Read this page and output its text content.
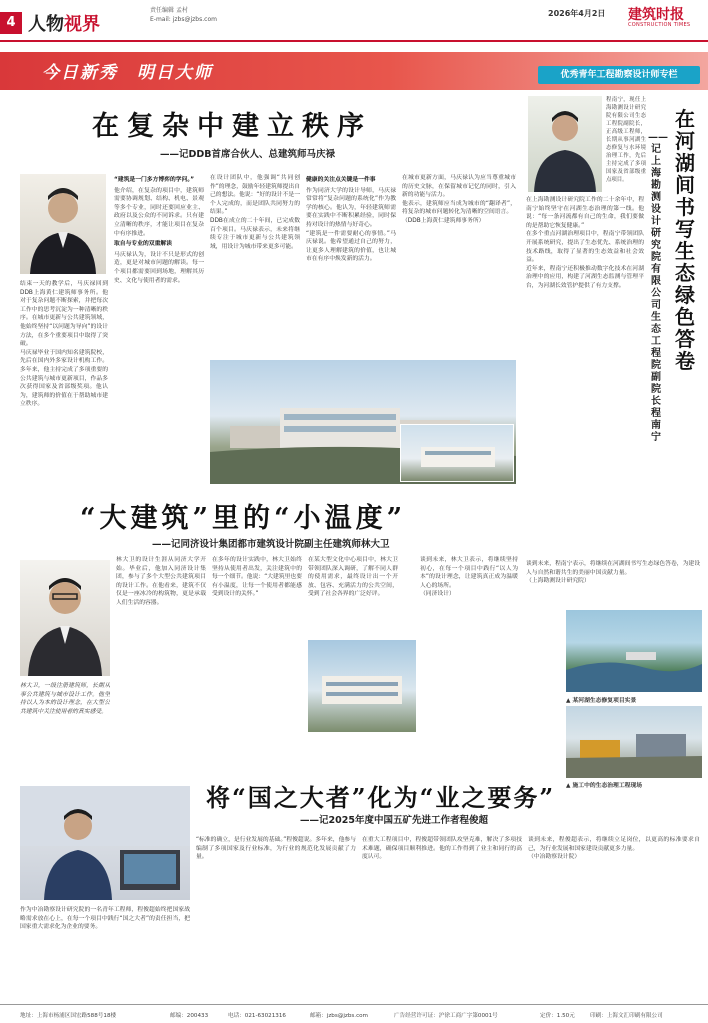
4 人物视界
责任编辑 孟村
E-mail: jzbs@jzbs.com
2026年4月2日 建筑时报
CONSTRUCTION TIMES
今日新秀　明日大师	优秀青年工程勘察设计师专栏
在复杂中建立秩序
——记DDB首席合伙人、总建筑师马庆禄
结束一天的教学后，马庆禄回到DDB上海黄仁建筑师事务所。他对于复杂问题不断探索，并把每次工作中的思考沉淀为一种清晰的秩序。在城市更新与公共建筑领域，他始终坚持“以问题为导向”的设计方法，在多个重要项目中取得了突破。
马庆禄毕业于国内知名建筑院校，先后在国内外多家设计机构工作。多年来，他主持完成了多项重要的公共建筑与城市更新项目，作品多次获得国家及省部级奖项。他认为，建筑师的价值在于帮助城市建立秩序。
“建筑是一门多方博弈的学问。”
他介绍，在复杂的项目中，建筑师需要协调规划、结构、机电、景观等多个专业，同时还要回应业主、政府以及公众的不同诉求。只有建立清晰的秩序，才能让项目在复杂中有序推进。
取自与专业的双重解读
马庆禄认为，设计不只是形式的创造，更是对城市问题的解读。每一个项目都需要回到场地，理解其历史、文化与使用者的需求。
在设计团队中，他强调“共同创作”的理念，鼓励年轻建筑师提出自己的想法。他说：“好的设计不是一个人完成的，而是团队共同努力的结果。”
DDB在成立的二十年间，已完成数百个项目。马庆禄表示，未来将继续专注于城市更新与公共建筑领域，用设计为城市带来更多可能。
健康的关注点关键是一件事
作为同济大学的设计导师，马庆禄常常将“复杂问题的系统化”作为教学的核心。他认为，年轻建筑师需要在实践中不断积累经验，同时保持对设计的热情与好奇心。
“建筑是一件需要耐心的事情。”马庆禄说。他希望通过自己的努力，让更多人理解建筑的价值，也让城市在有序中焕发新的活力。
在城市更新方面，马庆禄认为应当尊重城市的历史文脉，在保留城市记忆的同时，引入新的功能与活力。
他表示，建筑师应当成为城市的“翻译者”，将复杂的城市问题转化为清晰的空间语言。
（DDB上海黄仁建筑师事务所）
程南宁，现任上海勘测设计研究院有限公司生态工程院副院长，正高级工程师，长期从事河湖生态修复与水环境治理工作，先后主持完成了多项国家及省部级重点项目。
在河湖间书写生态绿色答卷
——记上海勘测设计研究院有限公司生态工程院副院长程南宁
在上海勘测设计研究院工作的二十余年中，程南宁始终坚守在河湖生态治理的第一线。他说：“每一条河流都有自己的生命，我们要做的是帮助它恢复健康。”
在多个重点河湖治理项目中，程南宁带领团队开展系统研究，提出了生态优先、系统治理的技术路线，取得了显著的生态效益和社会效益。
近年来，程南宁还积极推动数字化技术在河湖治理中的应用，构建了河湖生态监测与管理平台，为河湖长效管护提供了有力支撑。
谈到未来，程南宁表示，将继续在河湖间书写生态绿色答卷，为建设人与自然和谐共生的美丽中国贡献力量。
（上海勘测设计研究院）
▲ 某河湖生态修复项目实景
▲ 施工中的生态治理工程现场
“大建筑”里的“小温度”
——记同济设计集团都市建筑设计院副主任建筑师林大卫
林大卫，一级注册建筑师，长期从事公共建筑与城市设计工作。他坚持以人为本的设计理念，在大型公共建筑中关注使用者的真实感受。
林大卫的设计生涯从同济大学开始。毕业后，他加入同济设计集团，参与了多个大型公共建筑项目的设计工作。在他看来，建筑不仅仅是一座冰冷的构筑物，更是承载人们生活的容器。
在多年的设计实践中，林大卫始终坚持从使用者出发，关注建筑中的每一个细节。他说：“大建筑里也要有小温度，让每一个使用者都能感受到设计的关怀。”
在某大型文化中心项目中，林大卫带领团队深入调研，了解不同人群的使用需求，最终设计出一个开放、包容、充满活力的公共空间，受到了社会各界的广泛好评。
谈到未来，林大卫表示，将继续坚持初心，在每一个项目中践行“以人为本”的设计理念，让建筑真正成为温暖人心的场所。
（同济设计）
将“国之大者”化为“业之要务”
——记2025年度中国五矿先进工作者程俊超
作为中冶勘察设计研究院的一名青年工程师，程俊超始终把国家战略需求放在心上，在每一个项目中践行“国之大者”的责任担当，把国家重大需求化为企业的要务。
“标准的确立，是行业发展的基础。”程俊超说。多年来，他参与编制了多项国家及行业标准，为行业的规范化发展贡献了力量。
在重大工程项目中，程俊超带领团队攻坚克难，解决了多项技术难题，确保项目顺利推进。他的工作得到了业主和同行的高度认可。
谈到未来，程俊超表示，将继续立足岗位，以更高的标准要求自己，为行业发展和国家建设贡献更多力量。
（中冶勘察设计院）
地址：上海市杨浦区国宏路588号18楼	邮编：200433	电话：021-63021316	邮箱：jzbs@jzbs.com	广告经营许可证：沪徐工商广字第0001号	定价：1.50元	印刷：上海文汇印刷有限公司
